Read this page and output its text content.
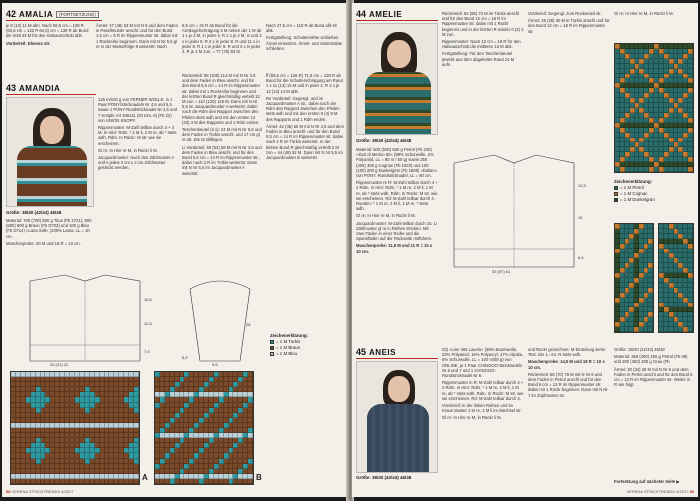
42 AMALIA	(FORTSETZUNG)

je 8 (10) 11 M abn. Nach 58,5 cm = 128 R (60,5 cm = 132 R 62,5) cm = 136 R ab Bund die restl 43 M für den Halsausschnitt abk.

Vorderteil: Ebenso str.

Ärmel: 47 (49) 53 M mit N 6 und dem Faden in Pasellmuster anschl. und für den Bund 1,5 cm = 5 R im Rippenmuster str. dabei mit 1 Rückreihe beginnen. Dann mit N Nr 5,5 gl re in der Musterfolge 8 weiterstr. Nach

8,5 cm = 22 R ab Bund für die Armkugelschrägung 3 M neben der 1 M ab 1 x je 3 M, in jeder 4. R 1 x je 2 M, in und 3 x in jeder 6. R 2 x in jeder 8. R und 11 x in jeder 8. R 1 x in jeder 8. R und 4 x in jeder 4. R je 1 M zun. = 77 (79) 83 M.

Nach 47,5 cm = 110 R ab Bund alle M abk.

Fertigstellung: Schulternähte schließen. Ärmel einsetzen. Ärmel- und Seitennähte schließen.

43 AMANDIA
Größe: 38/40 (42/44) 46/48

Material: 700 (700) 800 g Titus (Fb 2721), 500 (500) 600 g Braun (Fb D703) und 100 g Bleu (Fb D714) »Lana Soft« (100% Lama, LL = 10 cm.

Maschenprobe: 20 M und 18 R = 10 cm.

125 m/100 g von FERNER WOLLE. in 1 Paar PONY/Stricknadeln Nr 4,5 und 5,5 sowie 1 PONY-Rundstricknadel Nr 4,5 und 7 Knöpfe Art 488111 (20 mm, 6) (Fb 22) von UNION KNOPF.

Rippenmuster: M-Zahl teilbar durch 4 + 2 M. In Hinr: Rdm, * 2 M li, 2 M re, ab * stets wdh, Rdm. In Rückr: M str. wie sie erscheinen.

Gl re: In Hinr re M, in Rückr li M.

Jacquardmuster: Nach den Zählmuster A und A jedes 2 cm x 2 cm Zählmuster gestrickt werden.

Rückenteil: 98 (108) 114 M mit N Nr 4,5 und dem Faden in Bleu anschl. und für den Bund 6,5 cm = 14 R im Rippenmuster str. dabei mit 1 Rückreihe beginnen und der letzten Bund R gleichmäßig verteilt 12 M zun = 110 (120) 126 M. Dann mit N Nr 5,5 im Jacquardmuster A weiterstr. dabei nach die Rdm den Rapport zwischen den Pfeilen stets wdh und mit den ersten 12 (20) 4 M des Rapports und 1 Rdm enden.

Teschenbeutel (2 x): 24 M mit N Nr 5,5 und dem Faden in Türkis anschl. und 17 cm gl re str. Die M stilllegen.

Li Vorderteil: 50 (54) 58 M mit N Nr 4,5 und dem Faden in Bleu anschl. und für den Bund 6,5 cm = 14 R im Rippenmuster str., dabei nach 2 R im Türkis weiterstr. Dann mit N Nr 5,5 im Jacquardmuster A weiterstr.

ff (69,5 cm = 126 R) 71,5 cm = 128 R ab Bund für die Schulterschrägung am Rand 1 x 11 (13) 15 M und in jeder 2. R 2 x je 12 (13) 14 M abk.

Re Vorderteil: Gegengl. und im Jacquardmuster A str., dabei nach der Rdm den Rapport zwischen den Pfeilen stets wdh und mit den ersten 0 (4) 8 M des Rapports und 1 Rdm enden.

Ärmel: 42 (46) 50 M mit N Nr 4,5 und dem Faden in Bleu anschl. und für den Bund 6,5 cm = 14 R im Rippenmuster str. dabei nach 2 R im Türkis weiterstr. In der letzten Bund R gleichmäßig verteilt 2 M zun = 44 (48) 52 M. Dann mit N Nr 5,5 im Jacquardmuster B weiterstr.

16,5
12,5
7,5
20 (21) 22
28
9,5
6,5
Zeichenerklärung:
= 1 M Türkis
= 1 M Braun
= 1 M Bleu
A	B
58 VERENA STRICKTRENDS 4/2017
44 AMELIE
Größe: 38/40 (42/44) 46/48

Material: 500 (500) 550 g Petrol (Fb 229) »Zuzi di Merino 60« (98% Schurwolle, 2% Polyamid, LL = 60 m / 50 g) sowie 250 (300) 300 g Cognac (Fb 1833) und 100 (100) 200 g Dunkelgrün (Fb 1808) »Dalian« von PONY. Rundstricknadel, LL = 80 cm.

Rippenmuster re R: M-Zahl teilbar durch 4 + 2 Rdm. In Hinr: Rdm, * 1 M re, 2 M li, 1 M re, ab * stets wdh, Rdm. In Rückr: M str. wie sie erscheinen. Rd: M-Zahl teilbar durch 4. Runden: * 1 M re, 2 M li, 1 M re, * stets wdh.

Gl re: In Hinr re M, in Rückr li M.

Jacquardmuster: M-Zahl teilbar durch 15. Li Zählmuster gl re in Reihen stricken. Mit zwei Fäden in einer Reihe und die Spannfäden auf der Rückseite mitführen.

Maschenprobe: 11,5 M und 11 R = 10 x 10 cm.

Rückenteil: 62 (66) 70 M im Türkis anschl und für den Bund 12 cm = 18 R im Rippenmuster str. dabei mit 1 Rückr beginnen und in der letzten R wieder 0 (2) 2 M zun.

Rippenmuster: Nach 12 cm = 18 R für den Halsausschnitt die mittleren 16 M abk.

Fertigstellung: Für den Taschenbeutel jeweils aus dem abgekettet Rand 24 M aufn.

Vorderteil: Gegengl. zum Rückenteil str.

Ärmel: 26 (28) 30 M in Türkis anschl und für den Bund 12 cm = 18 R im Rippenmuster str.

Gl re: In Hinr re M, in Rückr li M.

12,5
6,5
53 (57) 61
15
Zeichenerklärung:
= 1 M Petrol
= 1 M Cognac
= 1 M Dunkelgrün
45 ANEIS
Größe: 38/40 (42/44) 46/48

03) »Line 465 Lavelo« (36% Baumwolle, 22% Polyamid, 16% Polyacryl, 17% Alpaka, 6% Schurwolle, LL = 100 m/50 g) von ONLINE, je 1 Paar CHINGOO-Stricknadeln Nr 6 und 7 und 1 CHINGOO-Rundstricknadel Nr 6.

Rippenmuster in R: M-Zahl teilbar durch 4 + 2 Rdm. In Hinr: Rdm, * 1 M re, 2 M li, 1 M re, ab * stets wdh, Rdm. In Rückr: M str. wie sie erscheinen. Rd: M-Zahl teilbar durch 4.

Vorderteil: In der linken Reihen und im Kraus Muster 2 M re, 2 M li im Wechsel str.

Gl re: In Hinr re M, in Rückr li M.

und Rückr gezeichnet. M-Einteilung siehe Text. Die 1.–24. R stets wdh.

Maschenprobe: 14,5 M und 18 R = 10 x 10 cm.

Rückenteil: 68 (70) 78 M mit N Nr 6 und dem Faden in Petrol anschl und für den Bund 6 cm = 13 R im Rippenmuster str. dabei mit 1 Rückr beginnen. Dann mit N Nr 7 im Zopfmuster str.

Größe: 38/40 (42/44) 46/48

Material: 350 (400) 450 g Petrol (Fb 09) und 300 (350) 400 g Grau (Fb

Ärmel: 30 (34) 36 M mit N Nr 6 und dem Faden in Petrol anschl und für den Bund 6 cm = 13 R im Rippenmuster str. Weiter in R wie folgt.

Fortsetzung auf nächster Seite ▶
VERENA STRICKTRENDS 4/2017 59
